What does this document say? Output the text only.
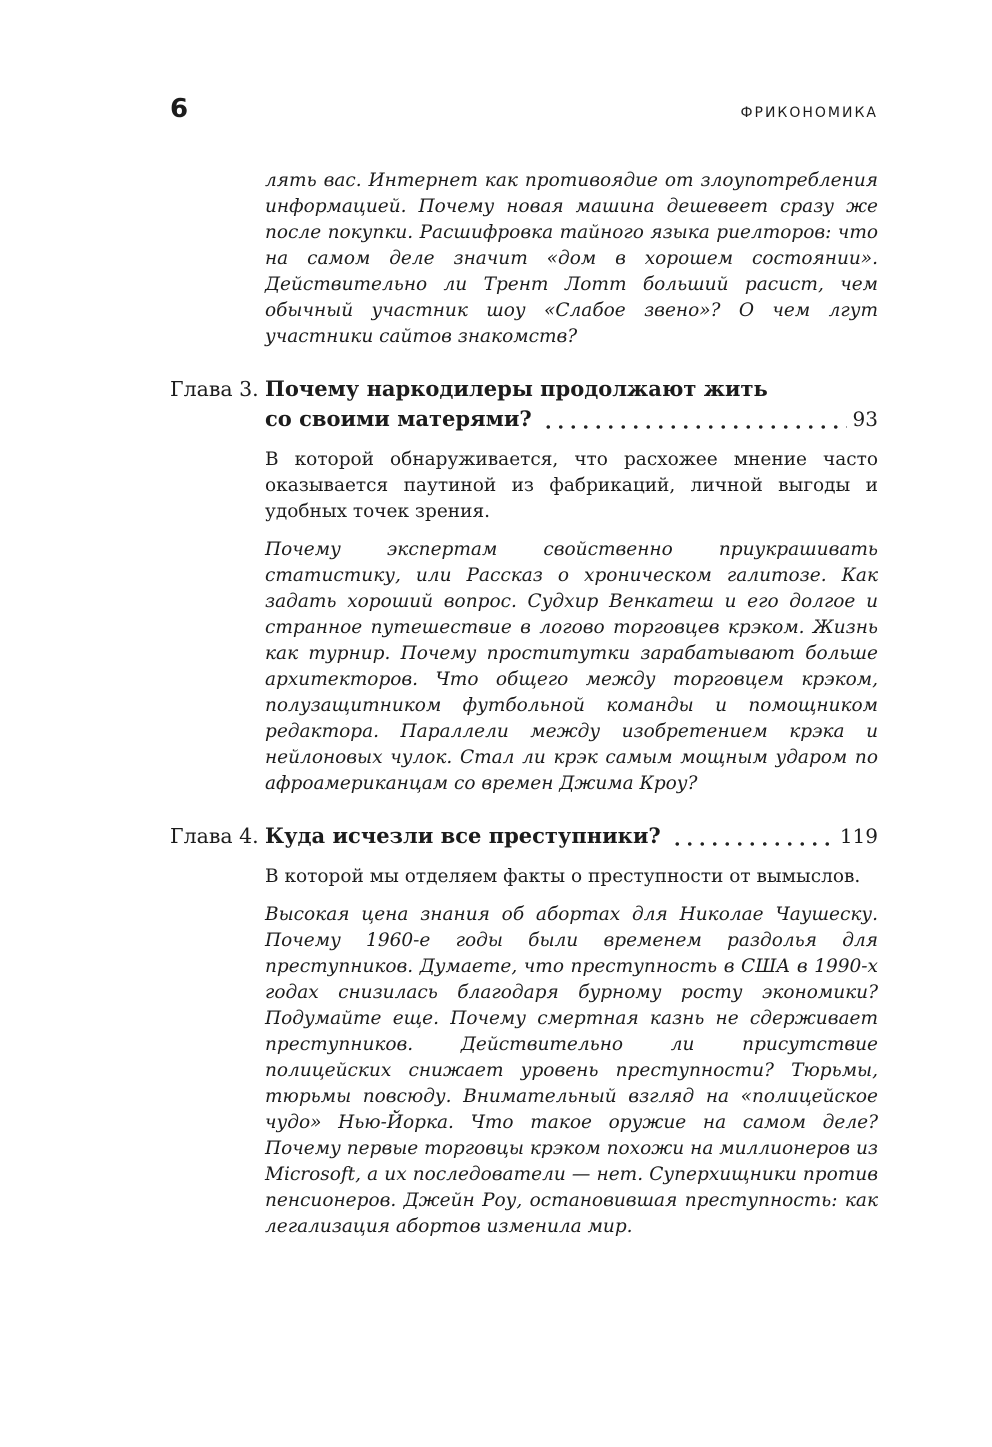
6	ФРИКОНОМИКА

лять вас. Интернет как противоядие от злоупотребления информацией. Почему новая машина дешевеет сразу же после покупки. Расшифровка тайного языка риелторов: что на самом деле значит «дом в хорошем состоянии». Действительно ли Трент Лотт больший расист, чем обычный участник шоу «Слабое звено»? О чем лгут участники сайтов знакомств?

Глава 3. Почему наркодилеры продолжают жить
со своими матерями?	93

В которой обнаруживается, что расхожее мнение часто оказывается паутиной из фабрикаций, личной выгоды и удобных точек зрения.

Почему экспертам свойственно приукрашивать статистику, или Рассказ о хроническом галитозе. Как задать хороший вопрос. Судхир Венкатеш и его долгое и странное путешествие в логово торговцев крэком. Жизнь как турнир. Почему проститутки зарабатывают больше архитекторов. Что общего между торговцем крэком, полузащитником футбольной команды и помощником редактора. Параллели между изобретением крэка и нейлоновых чулок. Стал ли крэк самым мощным ударом по афроамериканцам со времен Джима Кроу?

Глава 4. Куда исчезли все преступники?	119

В которой мы отделяем факты о преступности от вымыслов.

Высокая цена знания об абортах для Николае Чаушеску. Почему 1960-е годы были временем раздолья для преступников. Думаете, что преступность в США в 1990-х годах снизилась благодаря бурному росту экономики? Подумайте еще. Почему смертная казнь не сдерживает преступников. Действительно ли присутствие полицейских снижает уровень преступности? Тюрьмы, тюрьмы повсюду. Внимательный взгляд на «полицейское чудо» Нью-Йорка. Что такое оружие на самом деле? Почему первые торговцы крэком похожи на миллионеров из Microsoft, а их последователи — нет. Суперхищники против пенсионеров. Джейн Роу, остановившая преступность: как легализация абортов изменила мир.
